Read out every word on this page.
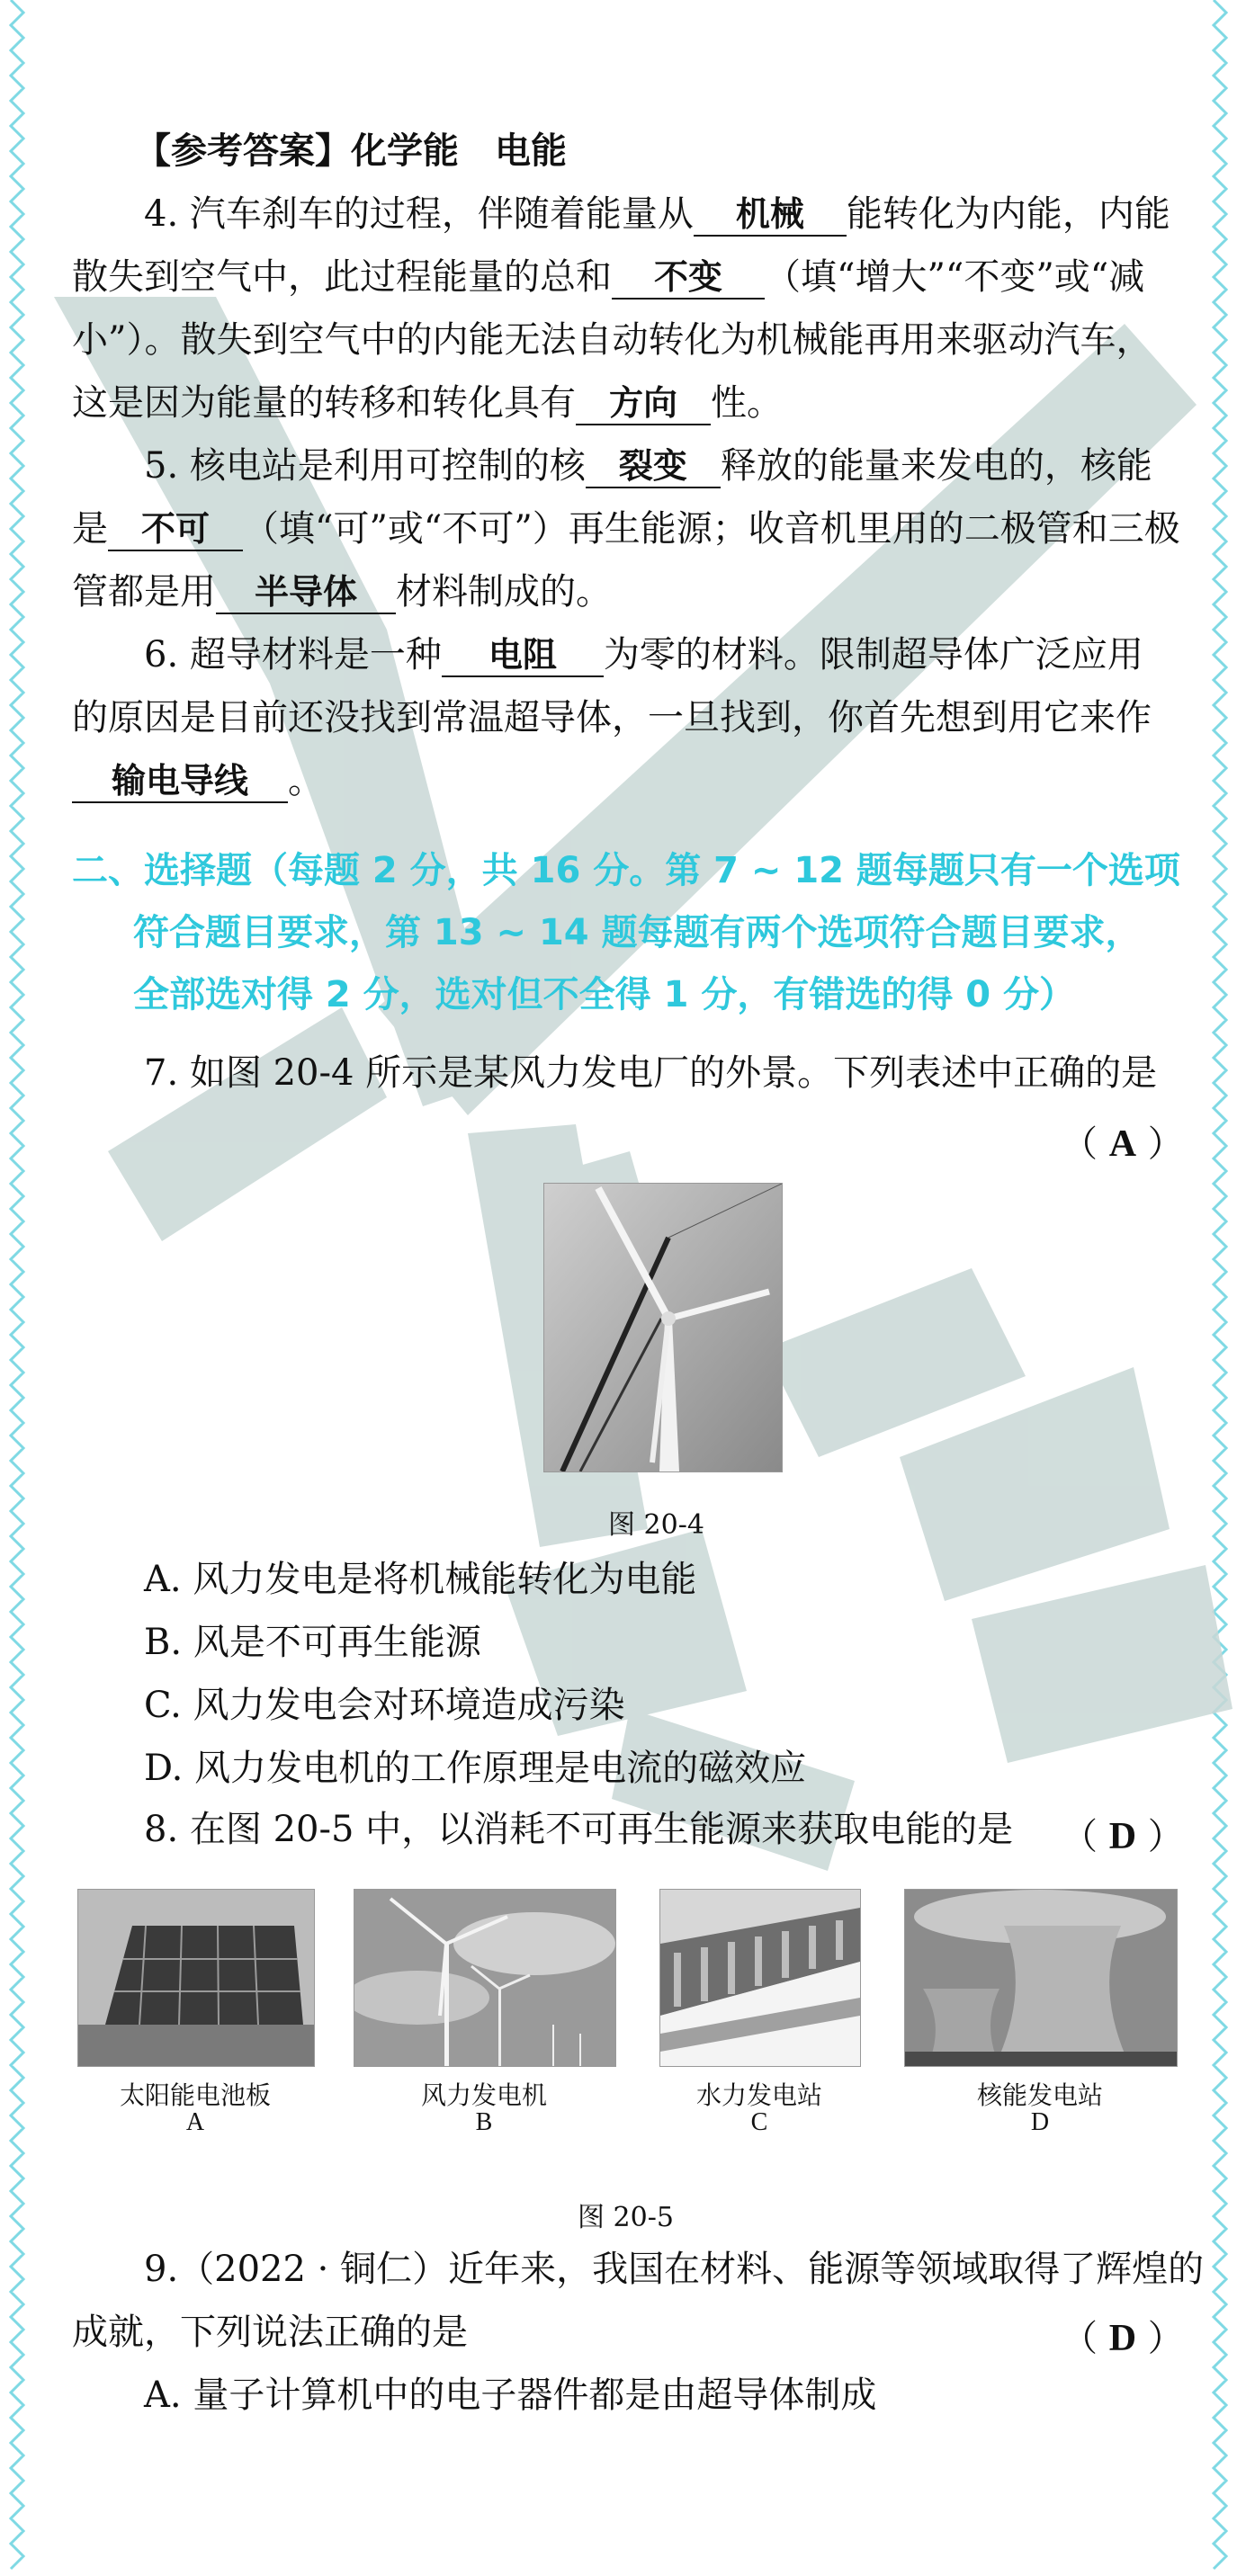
【参考答案】化学能　电能
4. 汽车刹车的过程，伴随着能量从 机械 能转化为内能，内能
散失到空气中，此过程能量的总和 不变 （填“增大”“不变”或“减
小”）。散失到空气中的内能无法自动转化为机械能再用来驱动汽车，
这是因为能量的转移和转化具有 方向 性。
5. 核电站是利用可控制的核 裂变 释放的能量来发电的，核能
是 不可 （填“可”或“不可”）再生能源；收音机里用的二极管和三极
管都是用 半导体 材料制成的。
6. 超导材料是一种 电阻 为零的材料。限制超导体广泛应用
的原因是目前还没找到常温超导体，一旦找到，你首先想到用它来作
输电导线 。
二、选择题（每题 2 分，共 16 分。第 7 ~ 12 题每题只有一个选项
符合题目要求，第 13 ~ 14 题每题有两个选项符合题目要求，
全部选对得 2 分，选对但不全得 1 分，有错选的得 0 分）
7. 如图 20-4 所示是某风力发电厂的外景。下列表述中正确的是
（ A ）
图 20-4
A. 风力发电是将机械能转化为电能
B. 风是不可再生能源
C. 风力发电会对环境造成污染
D. 风力发电机的工作原理是电流的磁效应
8. 在图 20-5 中，以消耗不可再生能源来获取电能的是 （ D ）
太阳能电池板
A
风力发电机
B
水力发电站
C
核能发电站
D
图 20-5
9.（2022 · 铜仁）近年来，我国在材料、能源等领域取得了辉煌的
成就，下列说法正确的是	（ D ）
A. 量子计算机中的电子器件都是由超导体制成
